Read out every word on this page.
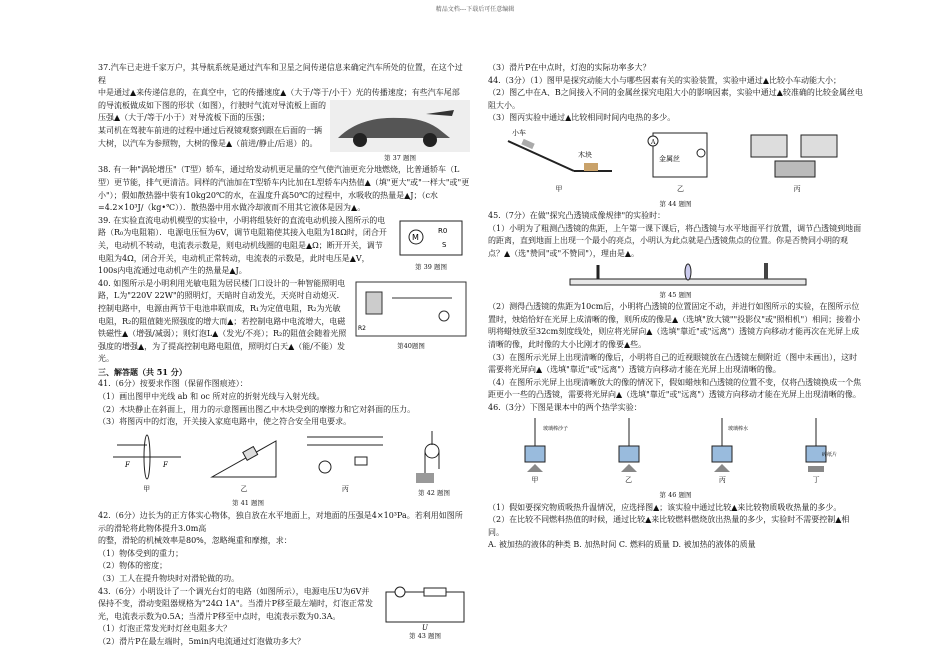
精品文档---下载后可任意编辑

37.汽车已走进千家万户，其导航系统是通过汽车和卫星之间传递信息来确定汽车所处的位置，在这个过程

中是通过▲来传递信息的，在真空中，它的传播速度▲（大于/等于/小于）光的传播速度；有些汽车尾部

的导流板做成如下图的形状（如图），行驶时气流对导流板上面的压强▲（大于/等于/小于）对导流板下面的压强；

某司机在驾驶车前进的过程中通过后视镜观察到跟在后面的一辆大树，以汽车为参照物，大树的像是▲（前进/静止/后退）的。

第 37 题图

38. 有一种"涡轮增压"（T型）轿车，通过给发动机更足量的空气使汽油更充分地燃烧，比普通轿车（L型）更节能，排气更清洁。同样的汽油加在T型轿车内比加在L型轿车内热值▲（填"更大"或"一样大"或"更小"）；假如散热器中装有10kg20℃的水，在温度升高50℃的过程中，水吸收的热量是▲J；（c水=4.2×10³J/（kg•℃））．散热器中用水做冷却液而不用其它液体是因为▲。

39. 在实验直流电动机模型的实验中，小明将组装好的直流电动机接入图所示的电路（R₀为电阻箱）．电源电压恒为6V，调节电阻箱使其接入电阻为18Ω时，闭合开关，电动机不转动，电流表示数是，则电动机线圈的电阻是▲Ω；断开开关，调节电阻为4Ω，闭合开关，电动机正常转动，电流表的示数是，此时电压是▲V，100s内电流通过电动机产生的热量是▲J。

M
R0
S
第 39 题图

40. 如图所示是小明利用光敏电阻为居民楼门口设计的一种智能照明电路，L为"220V 22W"的照明灯，天暗时自动发光，天亮时自动熄灭．控制电路中，电源由两节干电池串联而成，R₁为定值电阻，R₂为光敏电阻，R₂的阻值随光照强度的增大而▲；若控制电路中电流增大，电磁铁磁性▲（增强/减弱）；则灯泡L▲（发光/不亮）；R₂的阻值会随着光照强度的增强▲，为了提高控制电路电阻值，照明灯白天▲（能/不能）发光。

R2
第40题图

三、解答题（共 51 分）

41.（6分）按要求作图（保留作图痕迹）：

（1）画出图甲中光线 ab 和 oc 所对应的折射光线与入射光线。

（2）木块静止在斜面上，用力的示意图画出图乙中木块受到的摩擦力和它对斜面的压力。

（3）将图丙中的灯泡，开关接入家庭电路中，使之符合安全用电要求。

F	F
甲	乙	丙
第 41 题图
第 42 题图

42.（6分）边长为的正方体实心物体，独自放在水平地面上，对地面的压强是4×10³Pa。若利用如图所示的滑轮将此物体提升3.0m高

的整，滑轮的机械效率是80%，忽略绳重和摩擦，求：

（1）物体受到的重力；

（2）物体的密度；

（3）工人在提升物块时对滑轮做的功。

43.（6分）小明设计了一个调光台灯的电路（如图所示），电源电压U为6V并保持不变，滑动变阻器规格为"24Ω 1A"。当滑片P移至最左端时，灯泡正常发光，电流表示数为0.5A；当滑片P移至中点时，电流表示数为0.3A。

（1）灯泡正常发光时灯丝电阻多大？

（2）滑片P在最左端时，5min内电流通过灯泡做功多大？

U
第 43 题图

（3）滑片P在中点时，灯泡的实际功率多大？

44.（3分）（1）图甲是探究动能大小与哪些因素有关的实验装置，实验中通过▲比较小车动能大小；

（2）图乙中在A、B之间接入不同的金属丝探究电阻大小的影响因素，实验中通过▲较准确的比较金属丝电阻大小。

（3）图丙实验中通过▲比较相同时间内电热的多少。

小车
木块
甲
A
金属丝
乙	丙
第 44 题图

45.（7分）在做"探究凸透镜成像规律"的实验时：

（1）小明为了粗测凸透镜的焦距，上午第一课下课后，将凸透镜与水平地面平行放置，调节凸透镜到地面的距离，直到地面上出现一个最小的亮点，小明认为此点就是凸透镜焦点的位置。你是否赞同小明的观点？▲（选"赞同"或"不赞同"），理由是▲。

第 45 题图

（2）测得凸透镜的焦距为10cm后，小明将凸透镜的位置固定不动，并进行如图所示的实验，在图所示位置时，烛焰恰好在光屏上成清晰的像，则所成的像是▲（选填"放大镜""投影仪"或"照相机"）相同；接着小明将蜡烛放至32cm刻度线处，则应将光屏向▲（选填"靠近"或"远离"）透镜方向移动才能再次在光屏上成清晰的像，此时像的大小比刚才的像要▲些。

（3）在图所示光屏上出现清晰的像后，小明将自己的近视眼镜放在凸透镜左侧附近（图中未画出），这时需要将光屏向▲（选填"靠近"或"远离"）透镜方向移动才能在光屏上出现清晰的像。

（4）在图所示光屏上出现清晰放大的像的情况下，假如蜡烛和凸透镜的位置不变，仅将凸透镜换成一个焦距更小一些的凸透镜，需要将光屏向▲（选填"靠近"或"远离"）透镜方向移动才能在光屏上出现清晰的像。

46.（3分）下图是课本中的两个热学实验：

玻璃棒沙子
甲	乙
玻璃棒水
丙
碎纸片
丁
第 46 题图

（1）假如要探究物质吸热升温情况，应选择图▲；该实验中通过比较▲来比较物质吸收热量的多少。

（2）在比较不同燃料热值的时候，通过比较▲来比较燃料燃烧放出热量的多少，实验时不需要控制▲相同。

A. 被加热的液体的种类 B. 加热时间 C. 燃料的质量 D. 被加热的液体的质量
